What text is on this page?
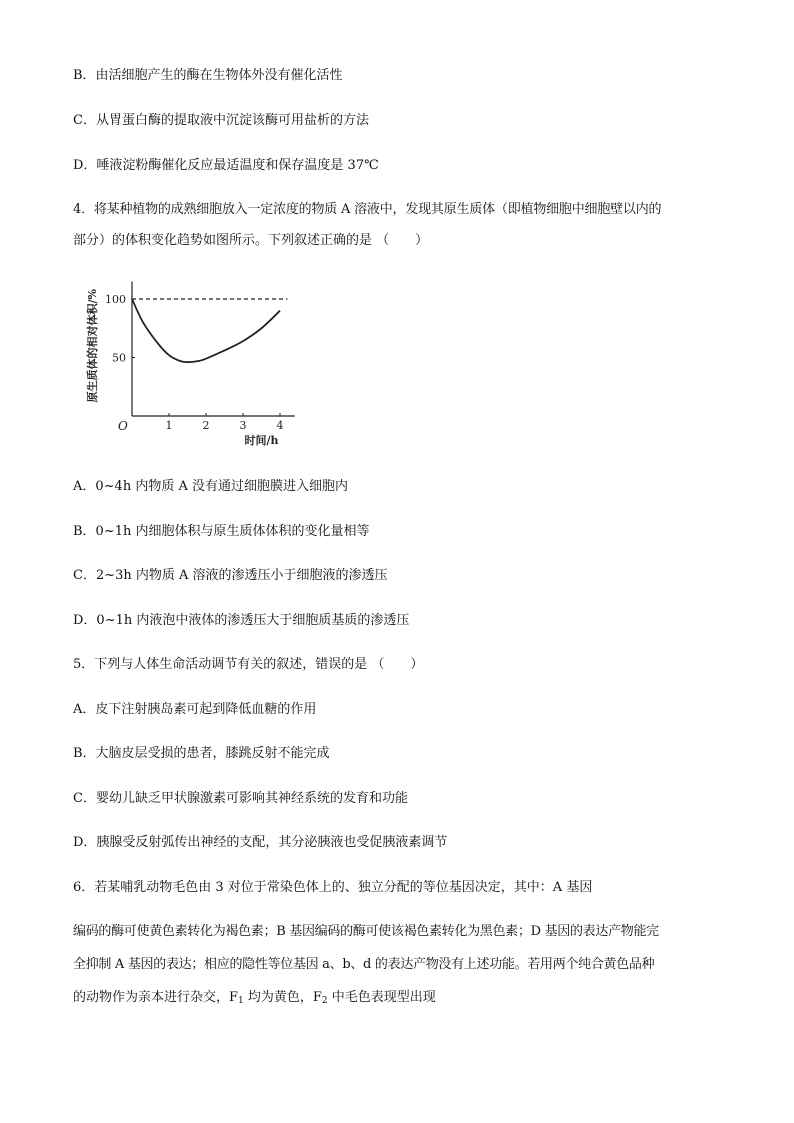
B．由活细胞产生的酶在生物体外没有催化活性
C．从胃蛋白酶的提取液中沉淀该酶可用盐析的方法
D．唾液淀粉酶催化反应最适温度和保存温度是 37℃
4．将某种植物的成熟细胞放入一定浓度的物质 A 溶液中，发现其原生质体（即植物细胞中细胞壁以内的
部分）的体积变化趋势如图所示。下列叙述正确的是 （　　）
1	2	3	4
50
100
O
时间/h
原生质体的相对体积/%
A．0~4h 内物质 A 没有通过细胞膜进入细胞内
B．0~1h 内细胞体积与原生质体体积的变化量相等
C．2~3h 内物质 A 溶液的渗透压小于细胞液的渗透压
D．0~1h 内液泡中液体的渗透压大于细胞质基质的渗透压
5．下列与人体生命活动调节有关的叙述，错误的是 （　　）
A．皮下注射胰岛素可起到降低血糖的作用
B．大脑皮层受损的患者，膝跳反射不能完成
C．婴幼儿缺乏甲状腺激素可影响其神经系统的发育和功能
D．胰腺受反射弧传出神经的支配，其分泌胰液也受促胰液素调节
6．若某哺乳动物毛色由 3 对位于常染色体上的、独立分配的等位基因决定，其中：A 基因
编码的酶可使黄色素转化为褐色素；B 基因编码的酶可使该褐色素转化为黑色素；D 基因的表达产物能完
全抑制 A 基因的表达；相应的隐性等位基因 a、b、d 的表达产物没有上述功能。若用两个纯合黄色品种
的动物作为亲本进行杂交，$F_1$ 均为黄色，$F_2$ 中毛色表现型出现
